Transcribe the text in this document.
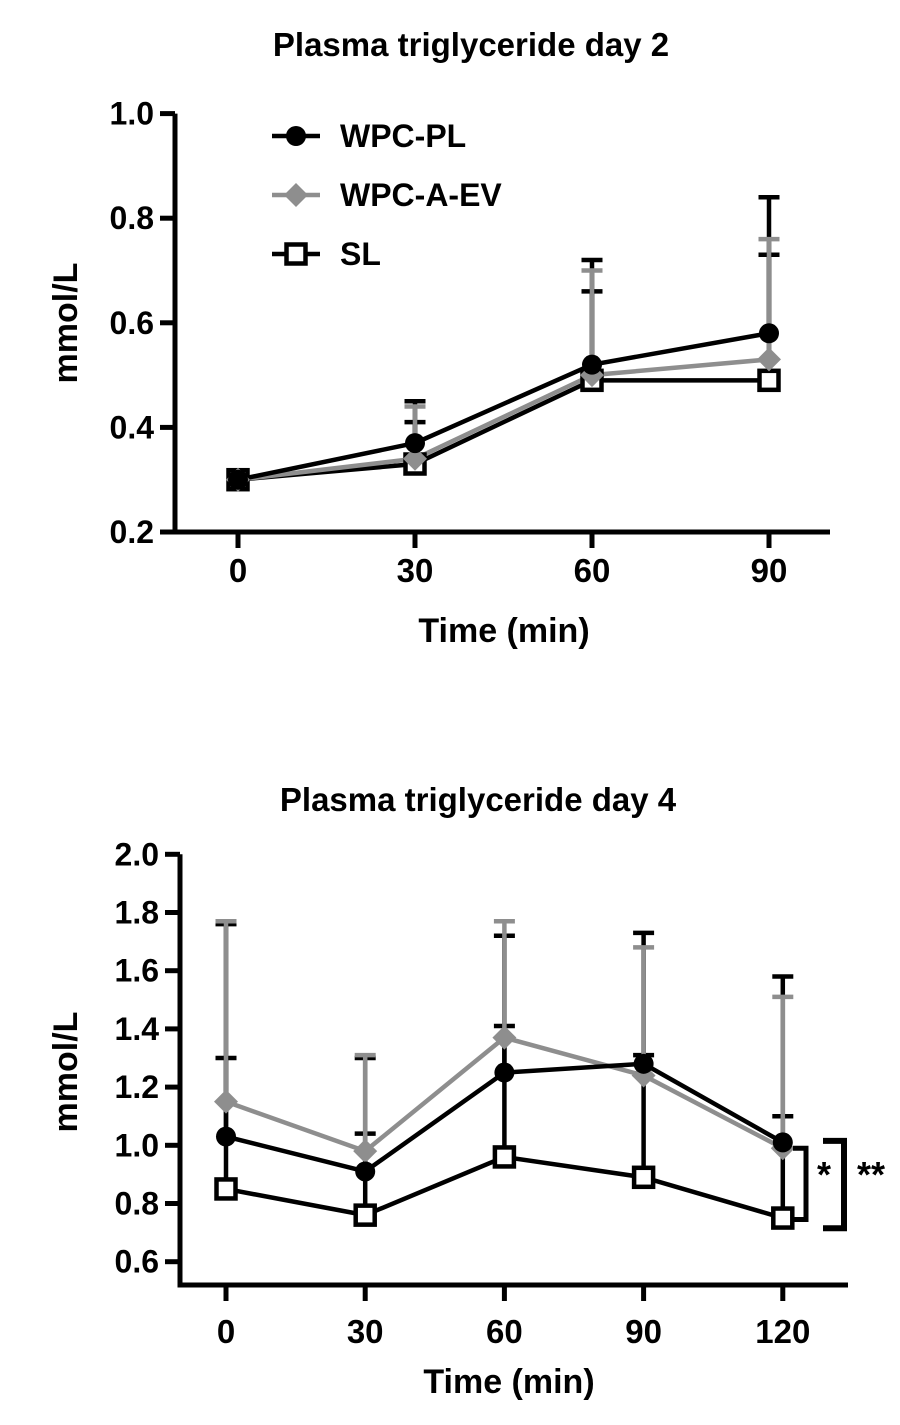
Plasma triglyceride day 2
mmol/L
0.2
0.4
0.6
0.8
1.0
0	30	60	90
WPC-PL
WPC-A-EV
SL
Time (min)
Plasma triglyceride day 4
mmol/L
0.6
0.8
1.0
1.2
1.4
1.6
1.8
2.0
0	30	60	90	120
* **
Time (min)
